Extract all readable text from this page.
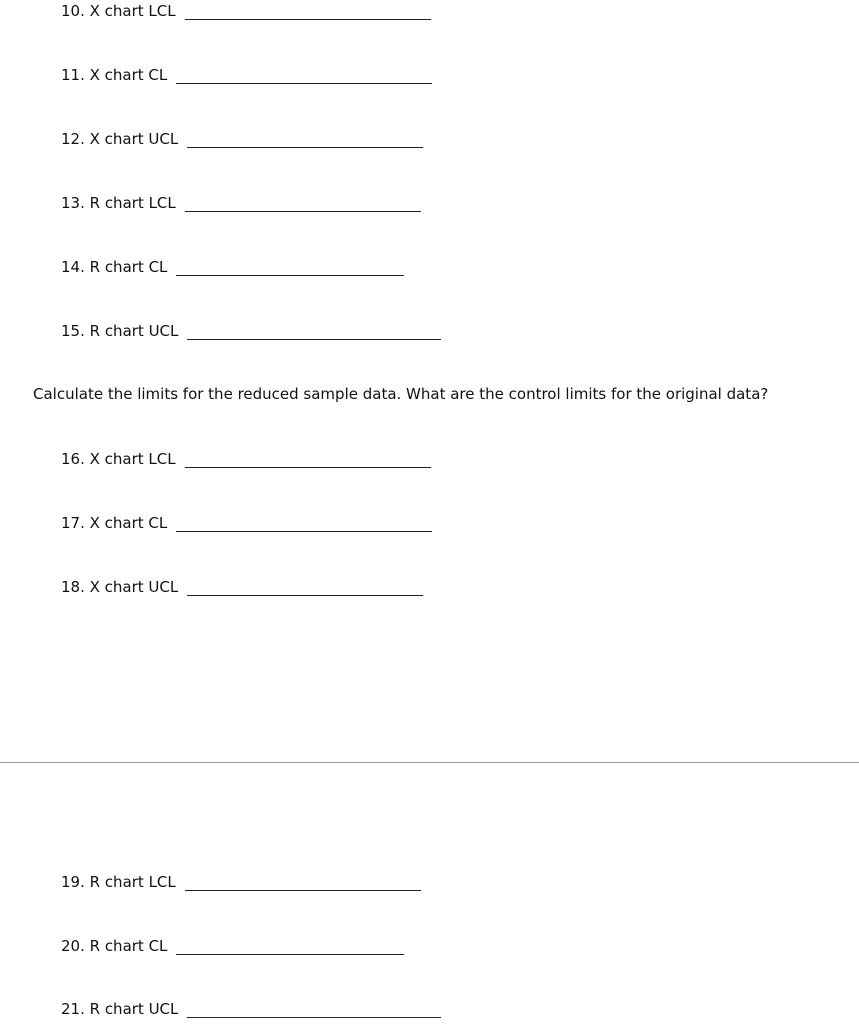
10. X chart LCL
11. X chart CL
12. X chart UCL
13. R chart LCL
14. R chart CL
15. R chart UCL
Calculate the limits for the reduced sample data. What are the control limits for the original data?
16. X chart LCL
17. X chart CL
18. X chart UCL
19. R chart LCL
20. R chart CL
21. R chart UCL
